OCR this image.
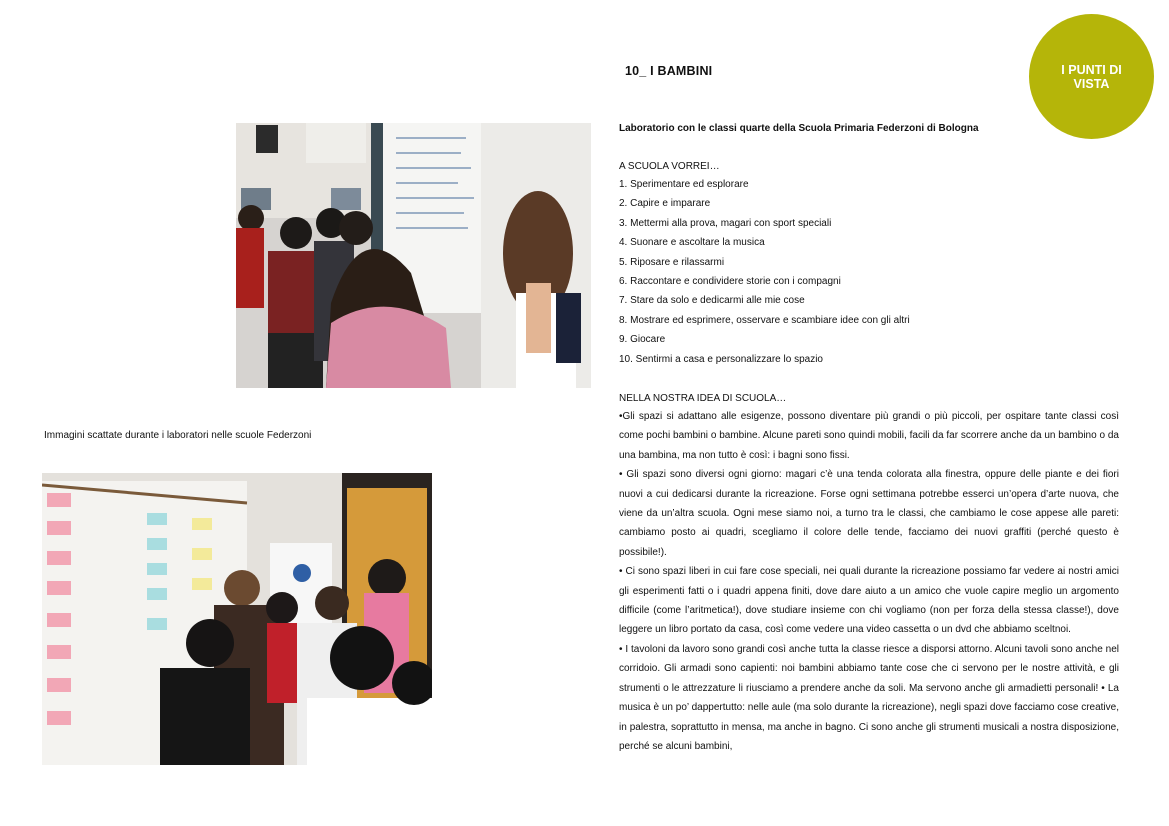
10_ I BAMBINI	I PUNTI DI
VISTA
Immagini scattate durante i laboratori nelle scuole Federzoni
Laboratorio con le classi quarte della Scuola Primaria Federzoni di Bologna
A SCUOLA VORREI…
1. Sperimentare ed esplorare
2. Capire e imparare
3. Mettermi alla prova, magari con sport speciali
4. Suonare e ascoltare la musica
5. Riposare e rilassarmi
6. Raccontare e condividere storie con i compagni
7. Stare da solo e dedicarmi alle mie cose
8. Mostrare ed esprimere, osservare e scambiare idee con gli altri
9. Giocare
10. Sentirmi a casa e personalizzare lo spazio
NELLA NOSTRA IDEA DI SCUOLA…

•Gli spazi si adattano alle esigenze, possono diventare più grandi o più piccoli, per ospitare tante classi così come pochi bambini o bambine. Alcune pareti sono quindi mobili, facili da far scorrere anche da un bambino o da una bambina, ma non tutto è così: i bagni sono fissi.

• Gli spazi sono diversi ogni giorno: magari c’è una tenda colorata alla finestra, oppure delle piante e dei fiori nuovi a cui dedicarsi durante la ricreazione. Forse ogni settimana potrebbe esserci un’opera d’arte nuova, che viene da un’altra scuola. Ogni mese siamo noi, a turno tra le classi, che cambiamo le cose appese alle pareti: cambiamo posto ai quadri, scegliamo il colore delle tende, facciamo dei nuovi graffiti (perché questo è possibile!).

• Ci sono spazi liberi in cui fare cose speciali, nei quali durante la ricreazione possiamo far vedere ai nostri amici gli esperimenti fatti o i quadri appena finiti, dove dare aiuto a un amico che vuole capire meglio un argomento difficile (come l’aritmetica!), dove studiare insieme con chi vogliamo (non per forza della stessa classe!), dove leggere un libro portato da casa, così come vedere una video cassetta o un dvd che abbiamo sceltnoi.

• I tavoloni da lavoro sono grandi così anche tutta la classe riesce a disporsi attorno. Alcuni tavoli sono anche nel corridoio. Gli armadi sono capienti: noi bambini abbiamo tante cose che ci servono per le nostre attività, e gli strumenti o le attrezzature li riusciamo a prendere anche da soli. Ma servono anche gli armadietti personali! • La musica è un po’ dappertutto: nelle aule (ma solo durante la ricreazione), negli spazi dove facciamo cose creative, in palestra, soprattutto in mensa, ma anche in bagno. Ci sono anche gli strumenti musicali a nostra disposizione, perché se alcuni bambini,
